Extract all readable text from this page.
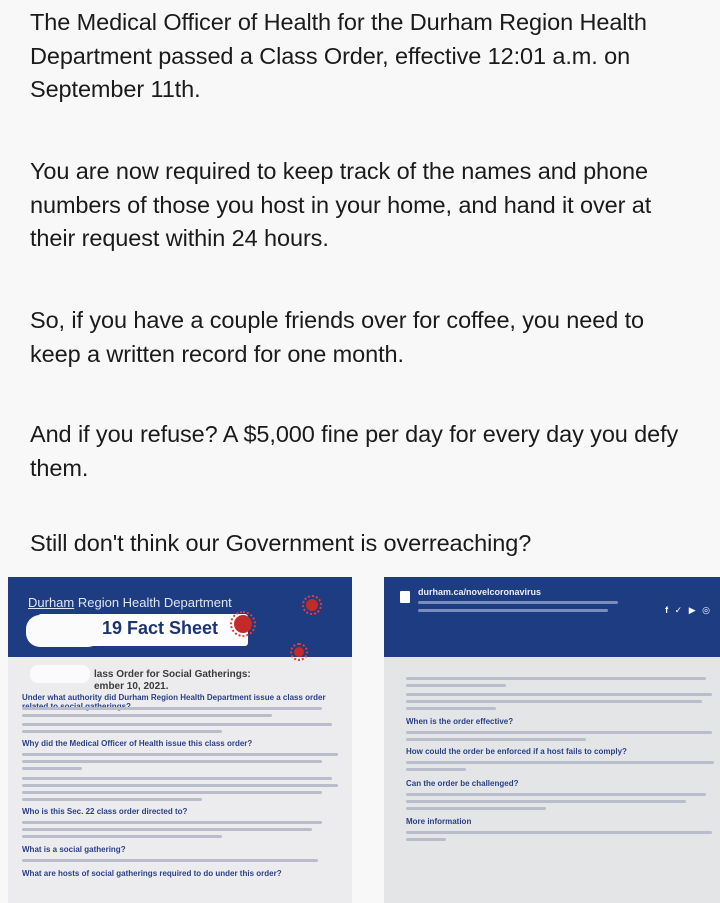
The Medical Officer of Health for the Durham Region Health Department passed a Class Order, effective 12:01 a.m. on September 11th.

You are now required to keep track of the names and phone numbers of those you host in your home, and hand it over at their request within 24 hours.

So, if you have a couple friends over for coffee, you need to keep a written record for one month.

And if you refuse? A $5,000 fine per day for every day you defy them.

Still don't think our Government is overreaching?

Durham Region Health Department
19 Fact Sheet
lass Order for Social Gatherings:
ember 10, 2021.
Under what authority did Durham Region Health Department issue a class order
Why did the Medical Officer of Health issue this class order?
Who is this Sec. 22 class order directed to?
What is a social gathering?
What are hosts of social gatherings required to do under this order?
durham.ca/novelcoronavirus
f ✓ ▶ ◎
When is the order effective?
How could the order be enforced if a host fails to comply?
Can the order be challenged?
More information
